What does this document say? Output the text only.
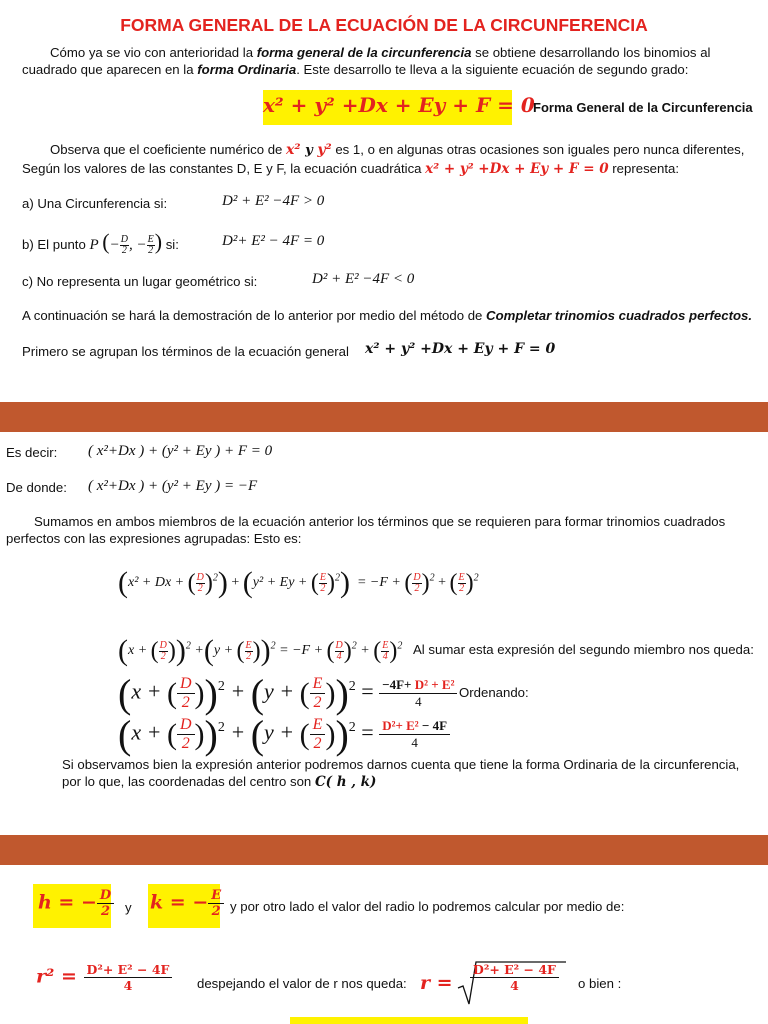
FORMA GENERAL DE LA ECUACIÓN DE LA CIRCUNFERENCIA
Cómo ya se vio con anterioridad la forma general de la circunferencia se obtiene desarrollando los binomios al
cuadrado que aparecen en la forma Ordinaria. Este desarrollo te lleva a la siguiente ecuación de segundo grado:
x² + y² +Dx + Ey + F = 0
Forma General de la Circunferencia
Observa que el coeficiente numérico de x² y y² es 1, o en algunas otras ocasiones son iguales pero nunca diferentes,
Según los valores de las constantes D, E y F, la ecuación cuadrática x² + y² +Dx + Ey + F = 0 representa:
a) Una Circunferencia si:	D² + E² −4F > 0
b) El punto P (− $\frac{D}{2}$ , − $\frac{E}{2}$ ) si:	D²+ E² − 4F = 0
c) No representa un lugar geométrico si:	D² + E² −4F < 0
A continuación se hará la demostración de lo anterior por medio del método de Completar trinomios cuadrados perfectos.
Primero se agrupan los términos de la ecuación general x² + y² +Dx + Ey + F = 0
Es decir: ( x²+Dx ) + (y² + Ey ) + F = 0
De donde: ( x²+Dx ) + (y² + Ey ) = −F
Sumamos en ambos miembros de la ecuación anterior los términos que se requieren para formar trinomios cuadrados
perfectos con las expresiones agrupadas: Esto es:
(x² + Dx + ( $\frac{D}{2} )^2) + (y^2 + Ey$ + ( $\frac{E}{2} )^2) = -F$ + ( $\frac{D}{2} )^2$ + ( $\frac{E}{2} )^2$
(x + ( $\frac{D}{2} ))^2 +(y$ + ( $\frac{E}{2} ))^2 = -F$ + ( $\frac{D}{4} )^2$ + ( $\frac{E}{4} )^2$ Al sumar esta expresión del segundo miembro nos queda:
(x + ( $\frac{D}{2} ))^2 + (y$ + ( $\frac{E}{2} ))^2 = \frac{\text{−4F+ D² + E²}}{4}$ Ordenando:
(x + ( $\frac{D}{2} ))^2 + (y$ + ( $\frac{E}{2} ))^2 = \frac{\text{D²+ E² − 4F}}{4}$
Si observamos bien la expresión anterior podremos darnos cuenta que tiene la forma Ordinaria de la circunferencia,
por lo que, las coordenadas del centro son C( h , k)
h = − $\frac{D}{2}$ y k = − $\frac{E}{2}$ y por otro lado el valor del radio lo podremos calcular por medio de:
$r^2 = \frac{\text{D²+ E² − 4F}}{4}$ despejando el valor de r nos queda: $r = \frac{\text{D²+ E² − 4F}}{4}$ o bien :
